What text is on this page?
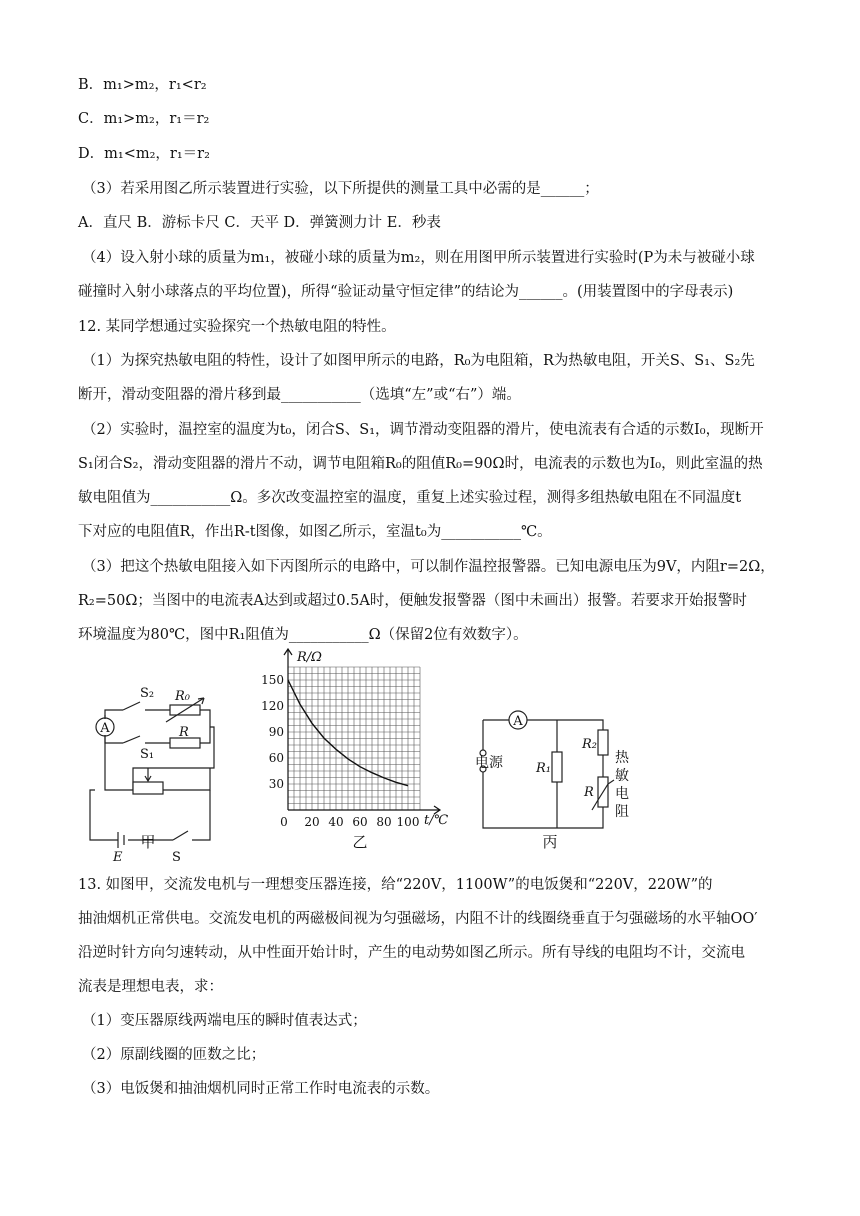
B．m₁>m₂，r₁<r₂
C．m₁>m₂，r₁＝r₂
D．m₁<m₂，r₁＝r₂
（3）若采用图乙所示装置进行实验，以下所提供的测量工具中必需的是______；
A．直尺 B．游标卡尺 C．天平 D．弹簧测力计 E．秒表
（4）设入射小球的质量为m₁，被碰小球的质量为m₂，则在用图甲所示装置进行实验时(P为未与被碰小球
碰撞时入射小球落点的平均位置)，所得“验证动量守恒定律”的结论为______。(用装置图中的字母表示)
12. 某同学想通过实验探究一个热敏电阻的特性。
（1）为探究热敏电阻的特性，设计了如图甲所示的电路，R₀为电阻箱，R为热敏电阻，开关S、S₁、S₂先
断开，滑动变阻器的滑片移到最___________（选填“左”或“右”）端。
（2）实验时，温控室的温度为t₀，闭合S、S₁，调节滑动变阻器的滑片，使电流表有合适的示数I₀，现断开
S₁闭合S₂，滑动变阻器的滑片不动，调节电阻箱R₀的阻值R₀=90Ω时，电流表的示数也为I₀，则此室温的热
敏电阻值为___________Ω。多次改变温控室的温度，重复上述实验过程，测得多组热敏电阻在不同温度t
下对应的电阻值R，作出R-t图像，如图乙所示，室温t₀为___________℃。
（3）把这个热敏电阻接入如下丙图所示的电路中，可以制作温控报警器。已知电源电压为9V，内阻r=2Ω，
R₂=50Ω；当图中的电流表A达到或超过0.5A时，便触发报警器（图中未画出）报警。若要求开始报警时
环境温度为80℃，图中R₁阻值为___________Ω（保留2位有效数字）。
A
S₂ R₀
R
S₁
E	S
0 20 40 60 80 100
30
60
90
120
150
R/Ω
t/℃
A
电源	R₁
R₂
R
热
敏
电
阻
甲	乙	丙
13. 如图甲，交流发电机与一理想变压器连接，给“220V，1100W”的电饭煲和“220V，220W”的
抽油烟机正常供电。交流发电机的两磁极间视为匀强磁场，内阻不计的线圈绕垂直于匀强磁场的水平轴OO′
沿逆时针方向匀速转动，从中性面开始计时，产生的电动势如图乙所示。所有导线的电阻均不计，交流电
流表是理想电表，求：
（1）变压器原线两端电压的瞬时值表达式；
（2）原副线圈的匝数之比；
（3）电饭煲和抽油烟机同时正常工作时电流表的示数。
